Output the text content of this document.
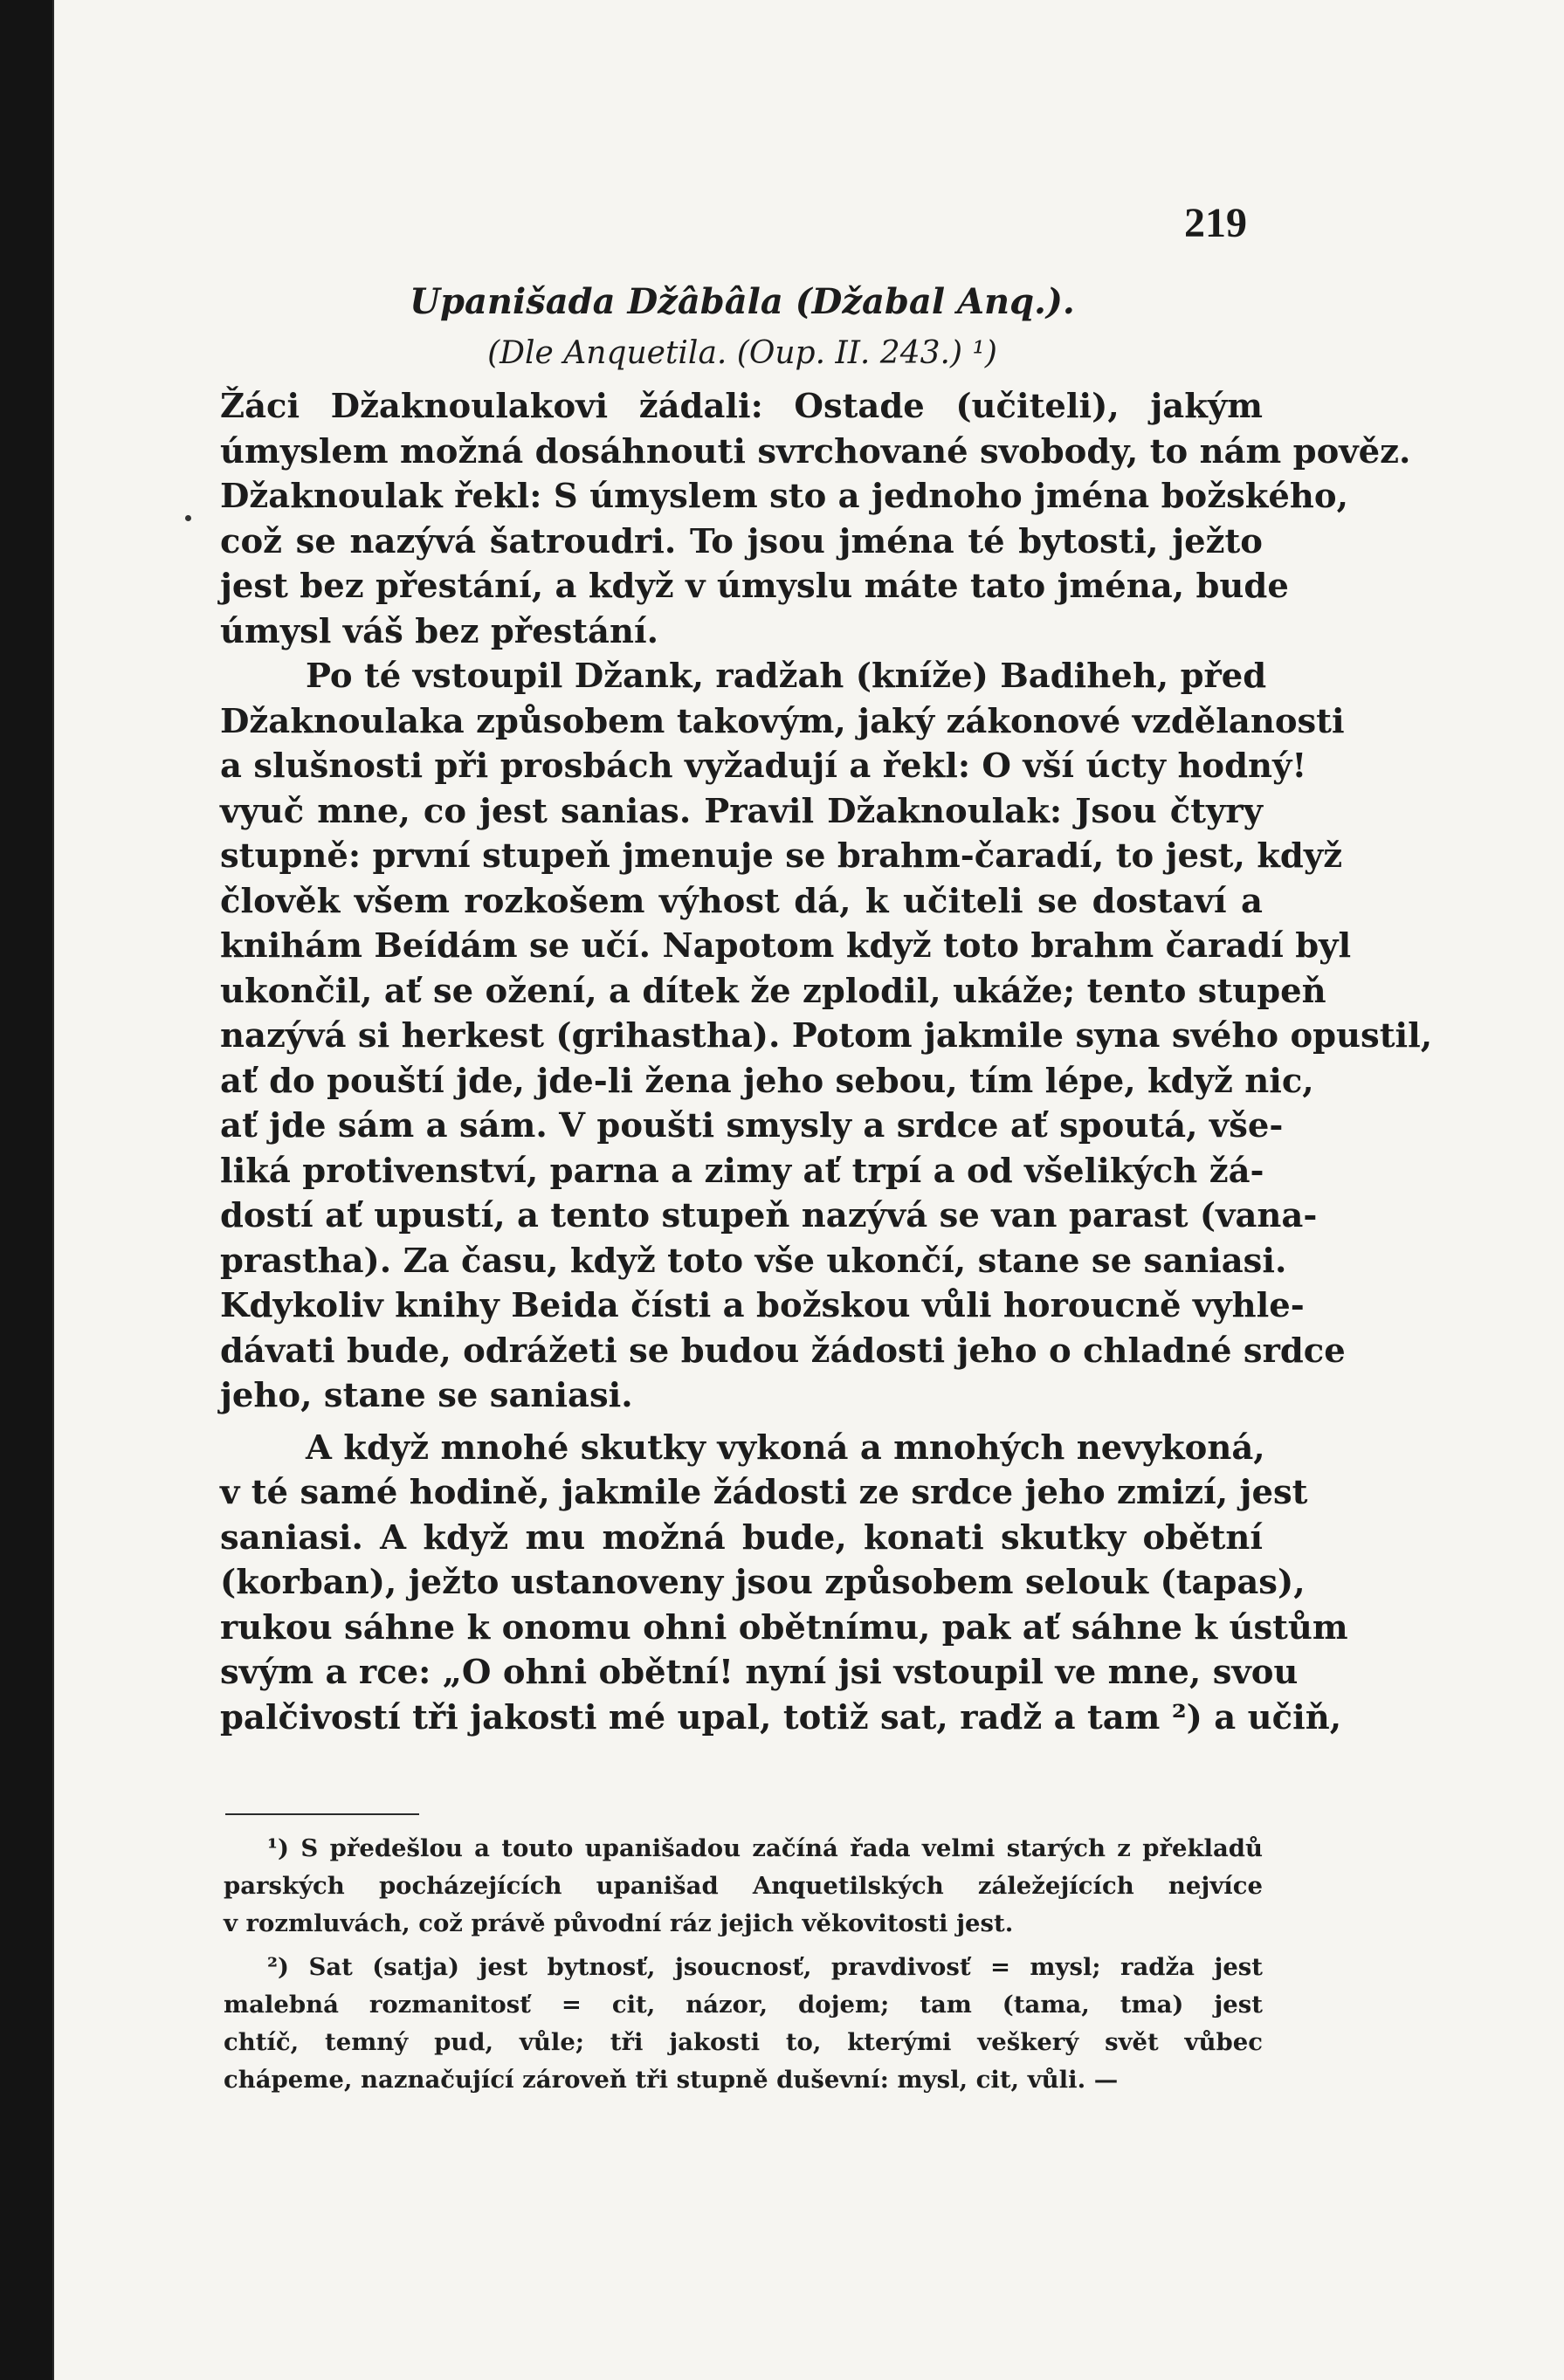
219
Upanišada Džâbâla (Džabal Anq.).
(Dle Anquetila. (Oup. II. 243.) ¹)
Žáci Džaknoulakovi žádali: Ostade (učiteli), jakým
úmyslem možná dosáhnouti svrchované svobody, to nám pověz.
Džaknoulak řekl: S úmyslem sto a jednoho jména božského,
což se nazývá šatroudri. To jsou jména té bytosti, ježto
jest bez přestání, a když v úmyslu máte tato jména, bude
úmysl váš bez přestání.
Po té vstoupil Džank, radžah (kníže) Badiheh, před
Džaknoulaka způsobem takovým, jaký zákonové vzdělanosti
a slušnosti při prosbách vyžadují a řekl: O vší úcty hodný!
vyuč mne, co jest sanias. Pravil Džaknoulak: Jsou čtyry
stupně: první stupeň jmenuje se brahm-čaradí, to jest, když
člověk všem rozkošem výhost dá, k učiteli se dostaví a
knihám Beídám se učí. Napotom když toto brahm čaradí byl
ukončil, ať se ožení, a dítek že zplodil, ukáže; tento stupeň
nazývá si herkest (grihastha). Potom jakmile syna svého opustil,
ať do pouští jde, jde-li žena jeho sebou, tím lépe, když nic,
ať jde sám a sám. V poušti smysly a srdce ať spoutá, vše-
liká protivenství, parna a zimy ať trpí a od všelikých žá-
dostí ať upustí, a tento stupeň nazývá se van parast (vana-
prastha). Za času, když toto vše ukončí, stane se saniasi.
Kdykoliv knihy Beida čísti a božskou vůli horoucně vyhle-
dávati bude, odrážeti se budou žádosti jeho o chladné srdce
jeho, stane se saniasi.
A když mnohé skutky vykoná a mnohých nevykoná,
v té samé hodině, jakmile žádosti ze srdce jeho zmizí, jest
saniasi. A když mu možná bude, konati skutky obětní
(korban), ježto ustanoveny jsou způsobem selouk (tapas),
rukou sáhne k onomu ohni obětnímu, pak ať sáhne k ústům
svým a rce: „O ohni obětní! nyní jsi vstoupil ve mne, svou
palčivostí tři jakosti mé upal, totiž sat, radž a tam ²) a učiň,
¹) S předešlou a touto upanišadou začíná řada velmi starých z překladů
parských pocházejících upanišad Anquetilských záležejících nejvíce
v rozmluvách, což právě původní ráz jejich věkovitosti jest.
²) Sat (satja) jest bytnosť, jsoucnosť, pravdivosť = mysl; radža jest
malebná rozmanitosť = cit, názor, dojem; tam (tama, tma) jest
chtíč, temný pud, vůle; tři jakosti to, kterými veškerý svět vůbec
chápeme, naznačující zároveň tři stupně duševní: mysl, cit, vůli. —
